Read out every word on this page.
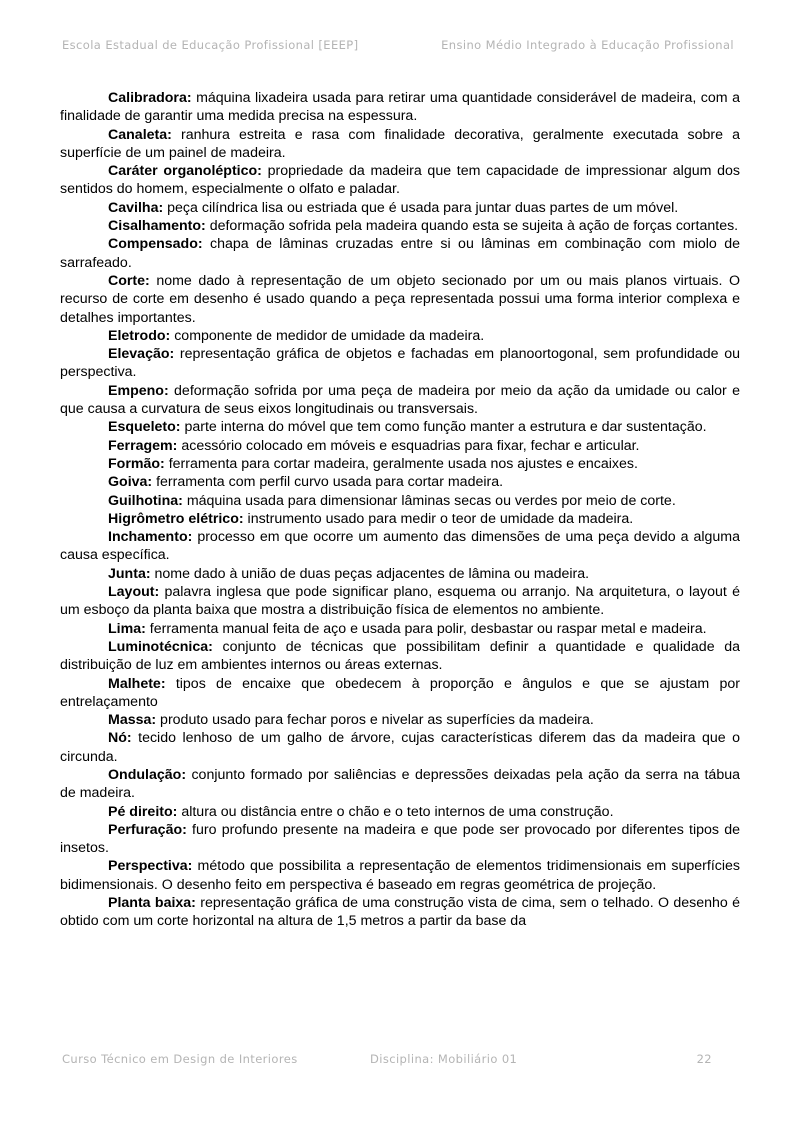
Escola Estadual de Educação Profissional [EEEP]	Ensino Médio Integrado à Educação Profissional

Calibradora: máquina lixadeira usada para retirar uma quantidade considerável de madeira, com a finalidade de garantir uma medida precisa na espessura.

Canaleta: ranhura estreita e rasa com finalidade decorativa, geralmente executada sobre a superfície de um painel de madeira.

Caráter organoléptico: propriedade da madeira que tem capacidade de impressionar algum dos sentidos do homem, especialmente o olfato e paladar.

Cavilha: peça cilíndrica lisa ou estriada que é usada para juntar duas partes de um móvel.

Cisalhamento: deformação sofrida pela madeira quando esta se sujeita à ação de forças cortantes.

Compensado: chapa de lâminas cruzadas entre si ou lâminas em combinação com miolo de sarrafeado.

Corte: nome dado à representação de um objeto secionado por um ou mais planos virtuais. O recurso de corte em desenho é usado quando a peça representada possui uma forma interior complexa e detalhes importantes.

Eletrodo: componente de medidor de umidade da madeira.

Elevação: representação gráfica de objetos e fachadas em planoortogonal, sem profundidade ou perspectiva.

Empeno: deformação sofrida por uma peça de madeira por meio da ação da umidade ou calor e que causa a curvatura de seus eixos longitudinais ou transversais.

Esqueleto: parte interna do móvel que tem como função manter a estrutura e dar sustentação.

Ferragem: acessório colocado em móveis e esquadrias para fixar, fechar e articular.

Formão: ferramenta para cortar madeira, geralmente usada nos ajustes e encaixes.

Goiva: ferramenta com perfil curvo usada para cortar madeira.

Guilhotina: máquina usada para dimensionar lâminas secas ou verdes por meio de corte.

Higrômetro elétrico: instrumento usado para medir o teor de umidade da madeira.

Inchamento: processo em que ocorre um aumento das dimensões de uma peça devido a alguma causa específica.

Junta: nome dado à união de duas peças adjacentes de lâmina ou madeira.

Layout: palavra inglesa que pode significar plano, esquema ou arranjo. Na arquitetura, o layout é um esboço da planta baixa que mostra a distribuição física de elementos no ambiente.

Lima: ferramenta manual feita de aço e usada para polir, desbastar ou raspar metal e madeira.

Luminotécnica: conjunto de técnicas que possibilitam definir a quantidade e qualidade da distribuição de luz em ambientes internos ou áreas externas.

Malhete: tipos de encaixe que obedecem à proporção e ângulos e que se ajustam por entrelaçamento

Massa: produto usado para fechar poros e nivelar as superfícies da madeira.

Nó: tecido lenhoso de um galho de árvore, cujas características diferem das da madeira que o circunda.

Ondulação: conjunto formado por saliências e depressões deixadas pela ação da serra na tábua de madeira.

Pé direito: altura ou distância entre o chão e o teto internos de uma construção.

Perfuração: furo profundo presente na madeira e que pode ser provocado por diferentes tipos de insetos.

Perspectiva: método que possibilita a representação de elementos tridimensionais em superfícies bidimensionais. O desenho feito em perspectiva é baseado em regras geométrica de projeção.

Planta baixa: representação gráfica de uma construção vista de cima, sem o telhado. O desenho é obtido com um corte horizontal na altura de 1,5 metros a partir da base da

Curso Técnico em Design de Interiores	Disciplina: Mobiliário 01	22
